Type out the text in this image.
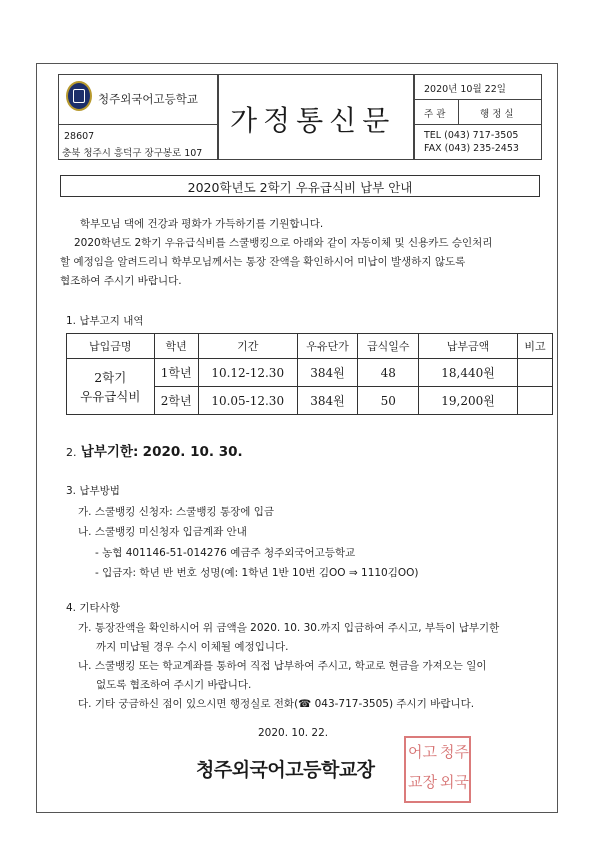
청주외국어고등학교
28607
충북 청주시 흥덕구 장구봉로 107
가정통신문
2020년 10월 22일
주 관	행 정 실
TEL (043) 717-3505
FAX (043) 235-2453
2020학년도 2학기 우유급식비 납부 안내
학부모님 댁에 건강과 평화가 가득하기를 기원합니다.
2020학년도 2학기 우유급식비를 스쿨뱅킹으로 아래와 같이 자동이체 및 신용카드 승인처리
할 예정임을 알려드리니 학부모님께서는 통장 잔액을 확인하시어 미납이 발생하지 않도록
협조하여 주시기 바랍니다.
1. 납부고지 내역
납입금명	학년	기간	우유단가	급식일수	납부금액	비고

2학기
우유급식비	1학년	10.12-12.30	384원	48	18,440원	
	2학년	10.05-12.30	384원	50	19,200원	
2. 납부기한: 2020. 10. 30.
3. 납부방법
가. 스쿨뱅킹 신청자: 스쿨뱅킹 통장에 입금
나. 스쿨뱅킹 미신청자 입금계좌 안내
- 농협 401146-51-014276 예금주 청주외국어고등학교
- 입금자: 학년 반 번호 성명(예: 1학년 1반 10번 김OO ⇒ 1110김OO)
4. 기타사항
가. 통장잔액을 확인하시어 위 금액을 2020. 10. 30.까지 입금하여 주시고, 부득이 납부기한
까지 미납될 경우 수시 이체될 예정입니다.
나. 스쿨뱅킹 또는 학교계좌를 통하여 직접 납부하여 주시고, 학교로 현금을 가져오는 일이
없도록 협조하여 주시기 바랍니다.
다. 기타 궁금하신 점이 있으시면 행정실로 전화(☎ 043-717-3505) 주시기 바랍니다.
2020. 10. 22.
청주외국어고등학교장
청주
외국
어고
교장
